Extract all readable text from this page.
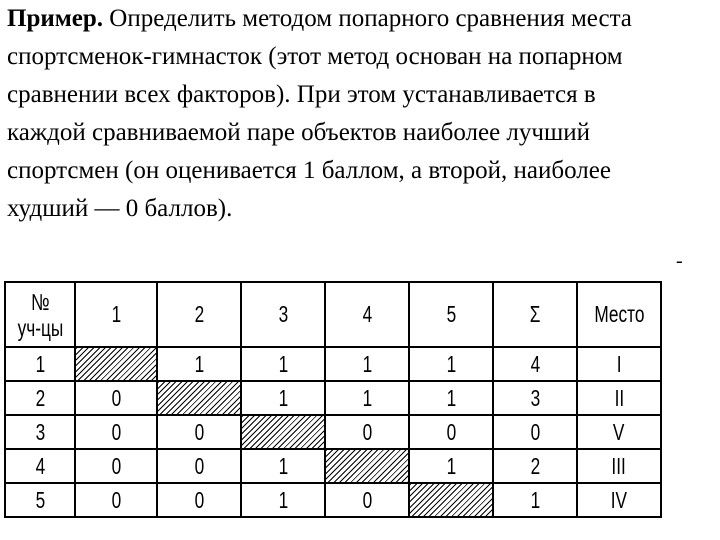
Пример. Определить методом попарного сравнения места спортсменок-гимнасток (этот метод основан на попарном сравнении всех факторов). При этом устанавливается в каждой сравниваемой паре объектов наиболее лучший спортсмен (он оценивается 1 баллом, а второй, наиболее худший — 0 баллов).

-
№
уч-цы	1	2	3	4	5	Σ	Место
1		1	1	1	1	4	I
2	0		1	1	1	3	II
3	0	0		0	0	0	V
4	0	0	1		1	2	III
5	0	0	1	0		1	IV
